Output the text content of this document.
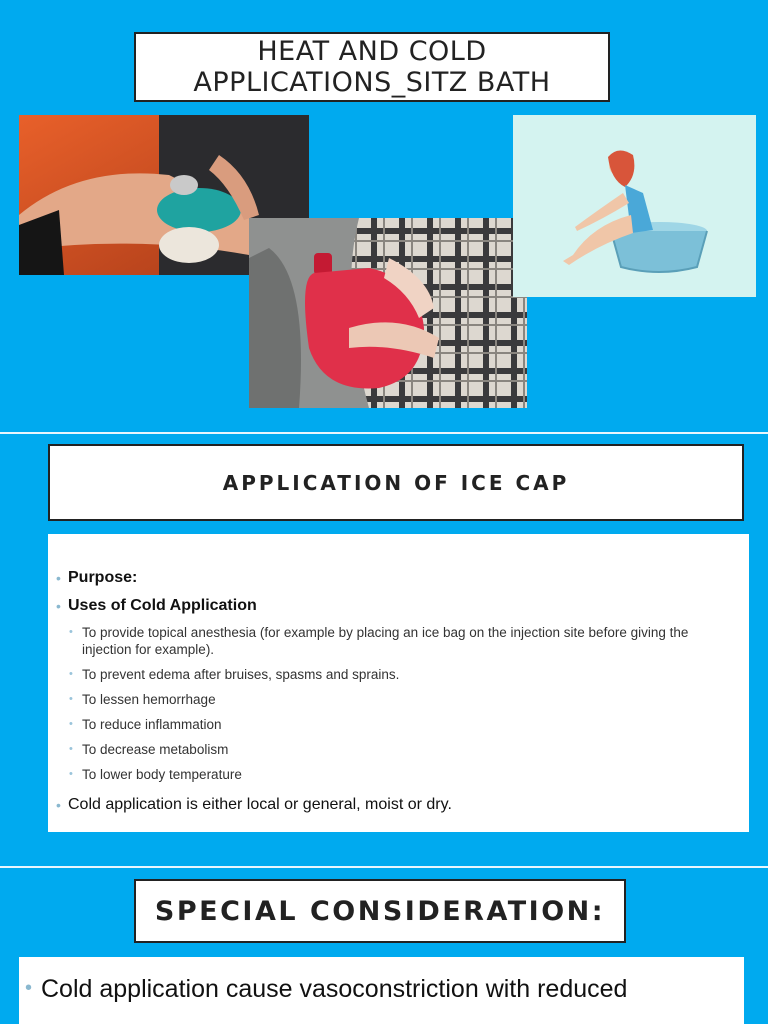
HEAT AND COLD
APPLICATIONS_SITZ BATH
APPLICATION OF ICE CAP
• Purpose:
• Uses of Cold Application
• To provide topical anesthesia (for example by placing an ice bag on the injection site before giving the injection for example).
• To prevent edema after bruises, spasms and sprains.
• To lessen hemorrhage
• To reduce inflammation
• To decrease metabolism
• To lower body temperature
• Cold application is either local or general, moist or dry.
SPECIAL CONSIDERATION:

• Cold application cause vasoconstriction with reduced
